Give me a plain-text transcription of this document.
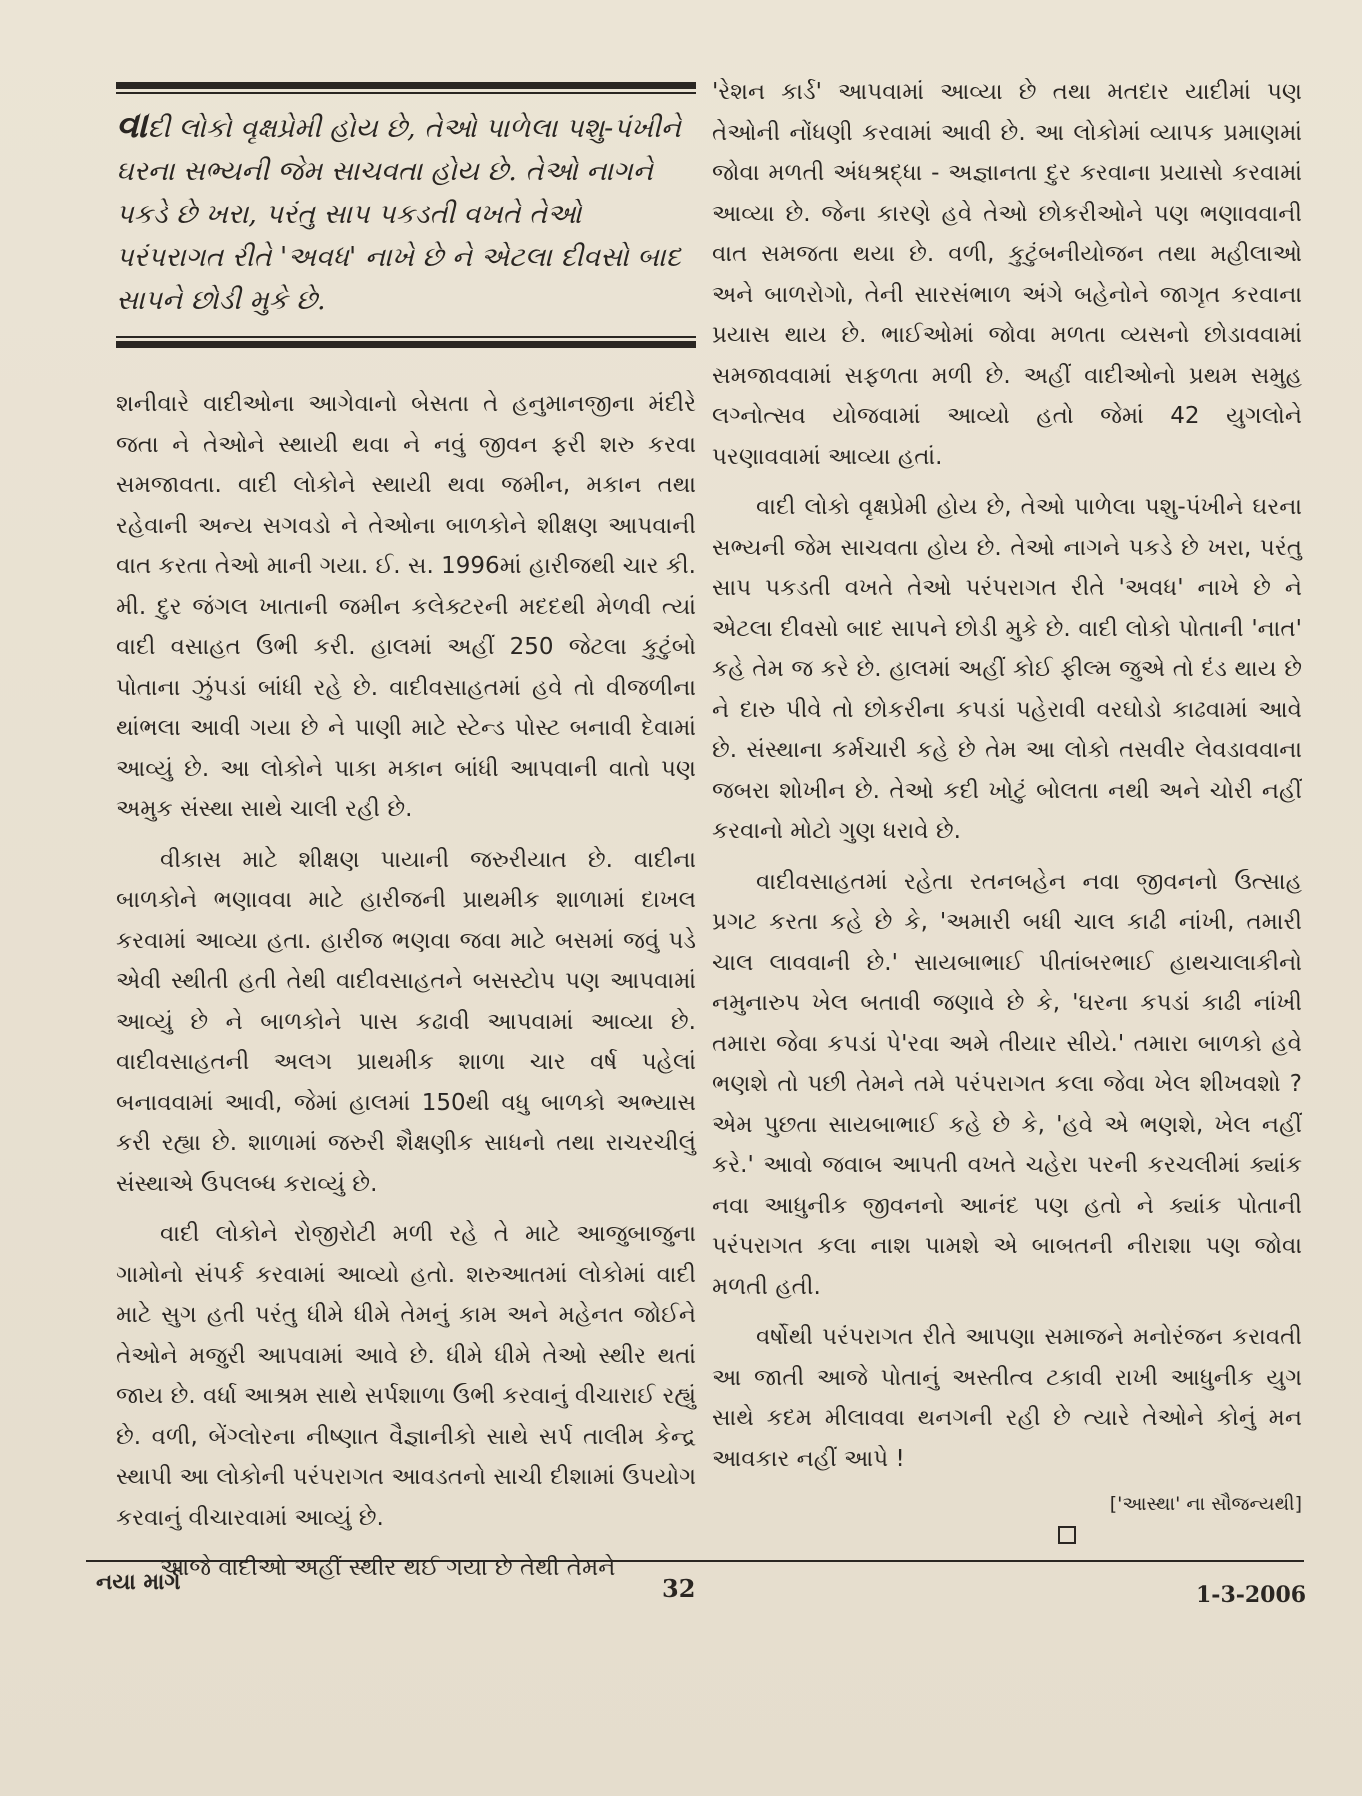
વાદી લોકો વૃક્ષપ્રેમી હોય છે, તેઓ પાળેલા પશુ-પંખીને ઘરના સભ્યની જેમ સાચવતા હોય છે. તેઓ નાગને પકડે છે ખરા, પરંતુ સાપ પકડતી વખતે તેઓ પરંપરાગત રીતે 'અવધ' નાખે છે ને એટલા દીવસો બાદ સાપને છોડી મુકે છે.

શનીવારે વાદીઓના આગેવાનો બેસતા તે હનુમાનજીના મંદીરે જતા ને તેઓને સ્થાયી થવા ને નવું જીવન ફરી શરુ કરવા સમજાવતા. વાદી લોકોને સ્થાયી થવા જમીન, મકાન તથા રહેવાની અન્ય સગવડો ને તેઓના બાળકોને શીક્ષણ આપવાની વાત કરતા તેઓ માની ગયા. ઈ. સ. 1996માં હારીજથી ચાર કી. મી. દુર જંગલ ખાતાની જમીન કલેક્ટરની મદદથી મેળવી ત્યાં વાદી વસાહત ઉભી કરી. હાલમાં અહીં 250 જેટલા કુટુંબો પોતાના ઝુંપડાં બાંધી રહે છે. વાદીવસાહતમાં હવે તો વીજળીના થાંભલા આવી ગયા છે ને પાણી માટે સ્ટેન્ડ પોસ્ટ બનાવી દેવામાં આવ્યું છે. આ લોકોને પાકા મકાન બાંધી આપવાની વાતો પણ અમુક સંસ્થા સાથે ચાલી રહી છે.

વીકાસ માટે શીક્ષણ પાયાની જરુરીયાત છે. વાદીના બાળકોને ભણાવવા માટે હારીજની પ્રાથમીક શાળામાં દાખલ કરવામાં આવ્યા હતા. હારીજ ભણવા જવા માટે બસમાં જવું પડે એવી સ્થીતી હતી તેથી વાદીવસાહતને બસસ્ટોપ પણ આપવામાં આવ્યું છે ને બાળકોને પાસ કઢાવી આપવામાં આવ્યા છે. વાદીવસાહતની અલગ પ્રાથમીક શાળા ચાર વર્ષ પહેલાં બનાવવામાં આવી, જેમાં હાલમાં 150થી વધુ બાળકો અભ્યાસ કરી રહ્યા છે. શાળામાં જરુરી શૈક્ષણીક સાધનો તથા રાચરચીલું સંસ્થાએ ઉપલબ્ધ કરાવ્યું છે.

વાદી લોકોને રોજીરોટી મળી રહે તે માટે આજુબાજુના ગામોનો સંપર્ક કરવામાં આવ્યો હતો. શરુઆતમાં લોકોમાં વાદી માટે સુગ હતી પરંતુ ધીમે ધીમે તેમનું કામ અને મહેનત જોઈને તેઓને મજુરી આપવામાં આવે છે. ધીમે ધીમે તેઓ સ્થીર થતાં જાય છે. વર્ધા આશ્રમ સાથે સર્પશાળા ઉભી કરવાનું વીચારાઈ રહ્યું છે. વળી, બેંગ્લોરના નીષ્ણાત વૈજ્ઞાનીકો સાથે સર્પ તાલીમ કેન્દ્ર સ્થાપી આ લોકોની પરંપરાગત આવડતનો સાચી દીશામાં ઉપયોગ કરવાનું વીચારવામાં આવ્યું છે.

આજે વાદીઓ અહીં સ્થીર થઈ ગયા છે તેથી તેમને

'રેશન કાર્ડ' આપવામાં આવ્યા છે તથા મતદાર યાદીમાં પણ તેઓની નોંધણી કરવામાં આવી છે. આ લોકોમાં વ્યાપક પ્રમાણમાં જોવા મળતી અંધશ્રદ્ધા - અજ્ઞાનતા દુર કરવાના પ્રયાસો કરવામાં આવ્યા છે. જેના કારણે હવે તેઓ છોકરીઓને પણ ભણાવવાની વાત સમજતા થયા છે. વળી, કુટુંબનીયોજન તથા મહીલાઓ અને બાળરોગો, તેની સારસંભાળ અંગે બહેનોને જાગૃત કરવાના પ્રયાસ થાય છે. ભાઈઓમાં જોવા મળતા વ્યસનો છોડાવવામાં સમજાવવામાં સફળતા મળી છે. અહીં વાદીઓનો પ્રથમ સમુહ લગ્નોત્સવ યોજવામાં આવ્યો હતો જેમાં 42 યુગલોને પરણાવવામાં આવ્યા હતાં.

વાદી લોકો વૃક્ષપ્રેમી હોય છે, તેઓ પાળેલા પશુ-પંખીને ઘરના સભ્યની જેમ સાચવતા હોય છે. તેઓ નાગને પકડે છે ખરા, પરંતુ સાપ પકડતી વખતે તેઓ પરંપરાગત રીતે 'અવધ' નાખે છે ને એટલા દીવસો બાદ સાપને છોડી મુકે છે. વાદી લોકો પોતાની 'નાત' કહે તેમ જ કરે છે. હાલમાં અહીં કોઈ ફીલ્મ જુએ તો દંડ થાય છે ને દારુ પીવે તો છોકરીના કપડાં પહેરાવી વરઘોડો કાઢવામાં આવે છે. સંસ્થાના કર્મચારી કહે છે તેમ આ લોકો તસવીર લેવડાવવાના જબરા શોખીન છે. તેઓ કદી ખોટું બોલતા નથી અને ચોરી નહીં કરવાનો મોટો ગુણ ધરાવે છે.

વાદીવસાહતમાં રહેતા રતનબહેન નવા જીવનનો ઉત્સાહ પ્રગટ કરતા કહે છે કે, 'અમારી બધી ચાલ કાઢી નાંખી, તમારી ચાલ લાવવાની છે.' સાયબાભાઈ પીતાંબરભાઈ હાથચાલાકીનો નમુનારુપ ખેલ બતાવી જણાવે છે કે, 'ઘરના કપડાં કાઢી નાંખી તમારા જેવા કપડાં પે'રવા અમે તીયાર સીયે.' તમારા બાળકો હવે ભણશે તો પછી તેમને તમે પરંપરાગત કલા જેવા ખેલ શીખવશો ? એમ પુછતા સાયબાભાઈ કહે છે કે, 'હવે એ ભણશે, ખેલ નહીં કરે.' આવો જવાબ આપતી વખતે ચહેરા પરની કરચલીમાં ક્યાંક નવા આધુનીક જીવનનો આનંદ પણ હતો ને ક્યાંક પોતાની પરંપરાગત કલા નાશ પામશે એ બાબતની નીરાશા પણ જોવા મળતી હતી.

વર્ષોથી પરંપરાગત રીતે આપણા સમાજને મનોરંજન કરાવતી આ જાતી આજે પોતાનું અસ્તીત્વ ટકાવી રાખી આધુનીક યુગ સાથે કદમ મીલાવવા થનગની રહી છે ત્યારે તેઓને કોનું મન આવકાર નહીં આપે !

['આસ્થા' ના સૌજન્યથી]
નયા માર્ગ	32	1-3-2006
